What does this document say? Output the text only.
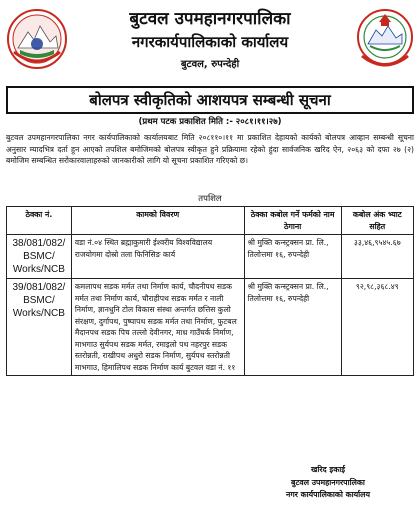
बुटवल उपमहानगरपालिका
नगरकार्यपालिकाको कार्यालय
बुटवल, रुपन्देही
बोलपत्र स्वीकृतिको आशयपत्र सम्बन्धी सूचना
(प्रथम पटक प्रकाशित मिति :- २०८१।११।२७)
बुटवल उपमहानगरपालिका नगर कार्यपालिकाको कार्यालयबाट मिति २०८११०।११ मा प्रकाशित देहायको कार्यको बोलपत्र आव्हान सम्बन्धी सूचना अनुसार म्यादभित्र दर्ता हुन आएको तपशिल बमोजिमको बोलपत्र स्वीकृत हुने प्रक्रियामा रहेको हुंदा सार्वजनिक खरिद ऐन, २०६३ को दफा २७ (२) बमोजिम सम्बन्धित सरोकारवालाहरुको जानकारीको लागि यो सूचना प्रकाशित गरिएको छ।
तपशिल
ठेक्का नं.	कामको विवरण	ठेक्का कबोल गर्ने फर्मको नाम ठेगाना	कबोल अंक भ्याट सहित
38/081/082/ BSMC/ Works/NCB	वडा नं.०४ स्थित ब्रह्माकुमारी ईश्वरीय विश्वविद्यालय राजयोगमा दोस्रो तला फिनिसिङ कार्य	श्री मुक्ति कन्स्ट्रक्सन प्रा. लि., तिलोत्तमा १६, रुपन्देही	३३,४६,९५४५.६७
39/081/082/ BSMC/ Works/NCB	कमलापथ सडक मर्मत तथा निर्माण कार्य, चौदनीपथ सडक मर्मत तथा निर्माण कार्य, चौराहीपथ सडक मर्मत र नाली निर्माण, ज्ञानधुनि टोल विकास संस्था अन्तर्गत छत्तिस कुलो संरक्षण, दुर्गापथ, पुष्पापथ सडक मर्मत तथा निर्माण, फुटबल मैदानपथ सडक पिच तल्लो देवीनगर, माथ्र गाउँघर्क निर्माण, माभगाउ सुर्यपथ सडक मर्मत, रमाइलो पथ नहरपुर सडक स्तरोन्नती, राखीपथ अधुरो सडक निर्माण, सुर्यपथ स्तरोन्नती माभगाउ, हिमालिपथ सडक निर्माण कार्य बुटवल वडा नं. ११	श्री मुक्ति कन्स्ट्रक्सन प्रा. लि., तिलोत्तमा १६, रुपन्देही	९२,९८,३६८.४९
खरिद इकाई
बुटवल उपमहानगरपालिका
नगर कार्यपालिकाको कार्यालय
